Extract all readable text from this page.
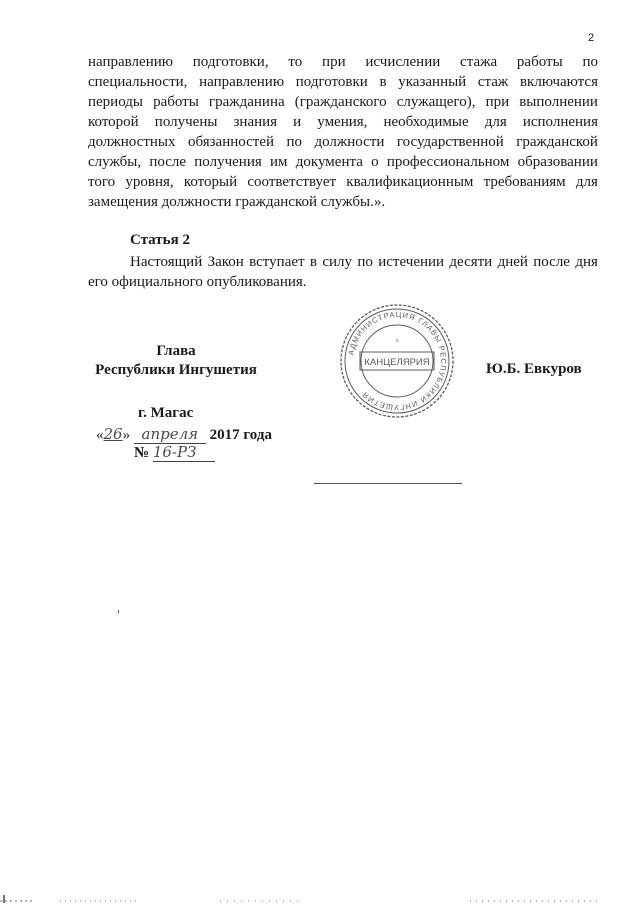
2
направлению подготовки, то при исчислении стажа работы по
специальности, направлению подготовки в указанный стаж включаются
периоды работы гражданина (гражданского служащего), при выполнении
которой получены знания и умения, необходимые для исполнения
должностных обязанностей по должности государственной гражданской
службы, после получения им документа о профессиональном образовании
того уровня, который соответствует квалификационным требованиям для
замещения должности гражданской службы.».
Статья 2
Настоящий Закон вступает в силу по истечении десяти дней после дня
его официального опубликования.
Глава
Республики Ингушетия
АДМИНИСТРАЦИЯ ГЛАВЫ РЕСПУБЛИКИ ИНГУШЕТИЯ
КАНЦЕЛЯРИЯ
ʌ
Ю.Б. Евкуров
г. Магас
«26» апреля 2017 года
№ 16-РЗ
